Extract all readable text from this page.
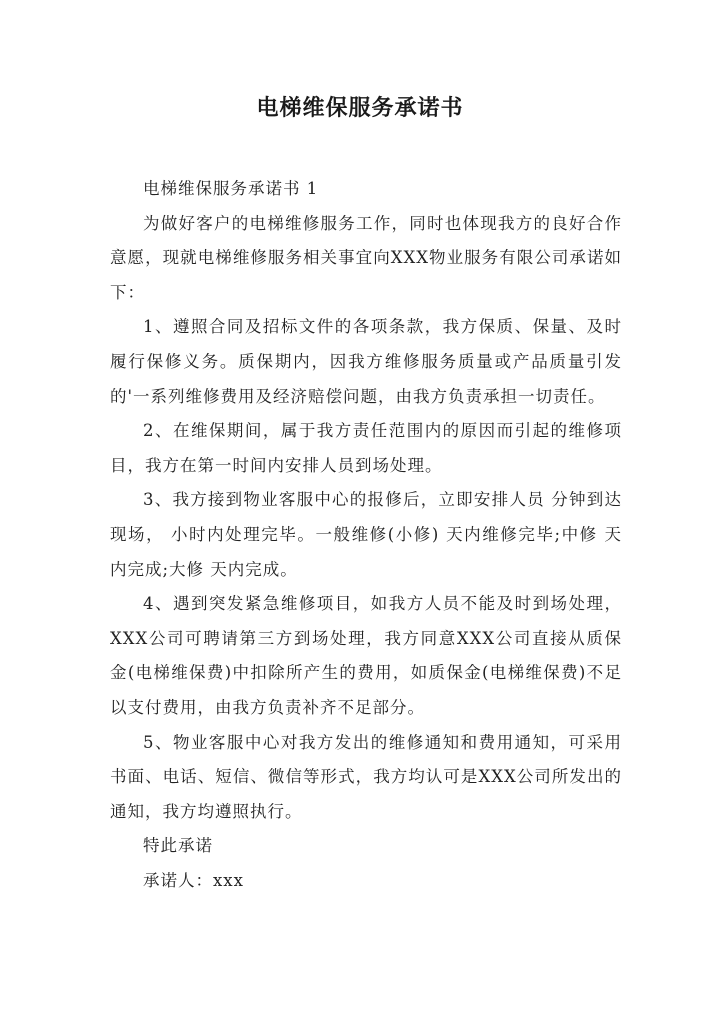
电梯维保服务承诺书

电梯维保服务承诺书 1

为做好客户的电梯维修服务工作，同时也体现我方的良好合作意愿，现就电梯维修服务相关事宜向XXX物业服务有限公司承诺如下：

1、遵照合同及招标文件的各项条款，我方保质、保量、及时履行保修义务。质保期内，因我方维修服务质量或产品质量引发的'一系列维修费用及经济赔偿问题，由我方负责承担一切责任。

2、在维保期间，属于我方责任范围内的原因而引起的维修项目，我方在第一时间内安排人员到场处理。

3、我方接到物业客服中心的报修后，立即安排人员 分钟到达现场， 小时内处理完毕。一般维修(小修) 天内维修完毕;中修 天内完成;大修 天内完成。

4、遇到突发紧急维修项目，如我方人员不能及时到场处理，XXX公司可聘请第三方到场处理，我方同意XXX公司直接从质保金(电梯维保费)中扣除所产生的费用，如质保金(电梯维保费)不足以支付费用，由我方负责补齐不足部分。

5、物业客服中心对我方发出的维修通知和费用通知，可采用书面、电话、短信、微信等形式，我方均认可是XXX公司所发出的通知，我方均遵照执行。

特此承诺

承诺人：xxx
